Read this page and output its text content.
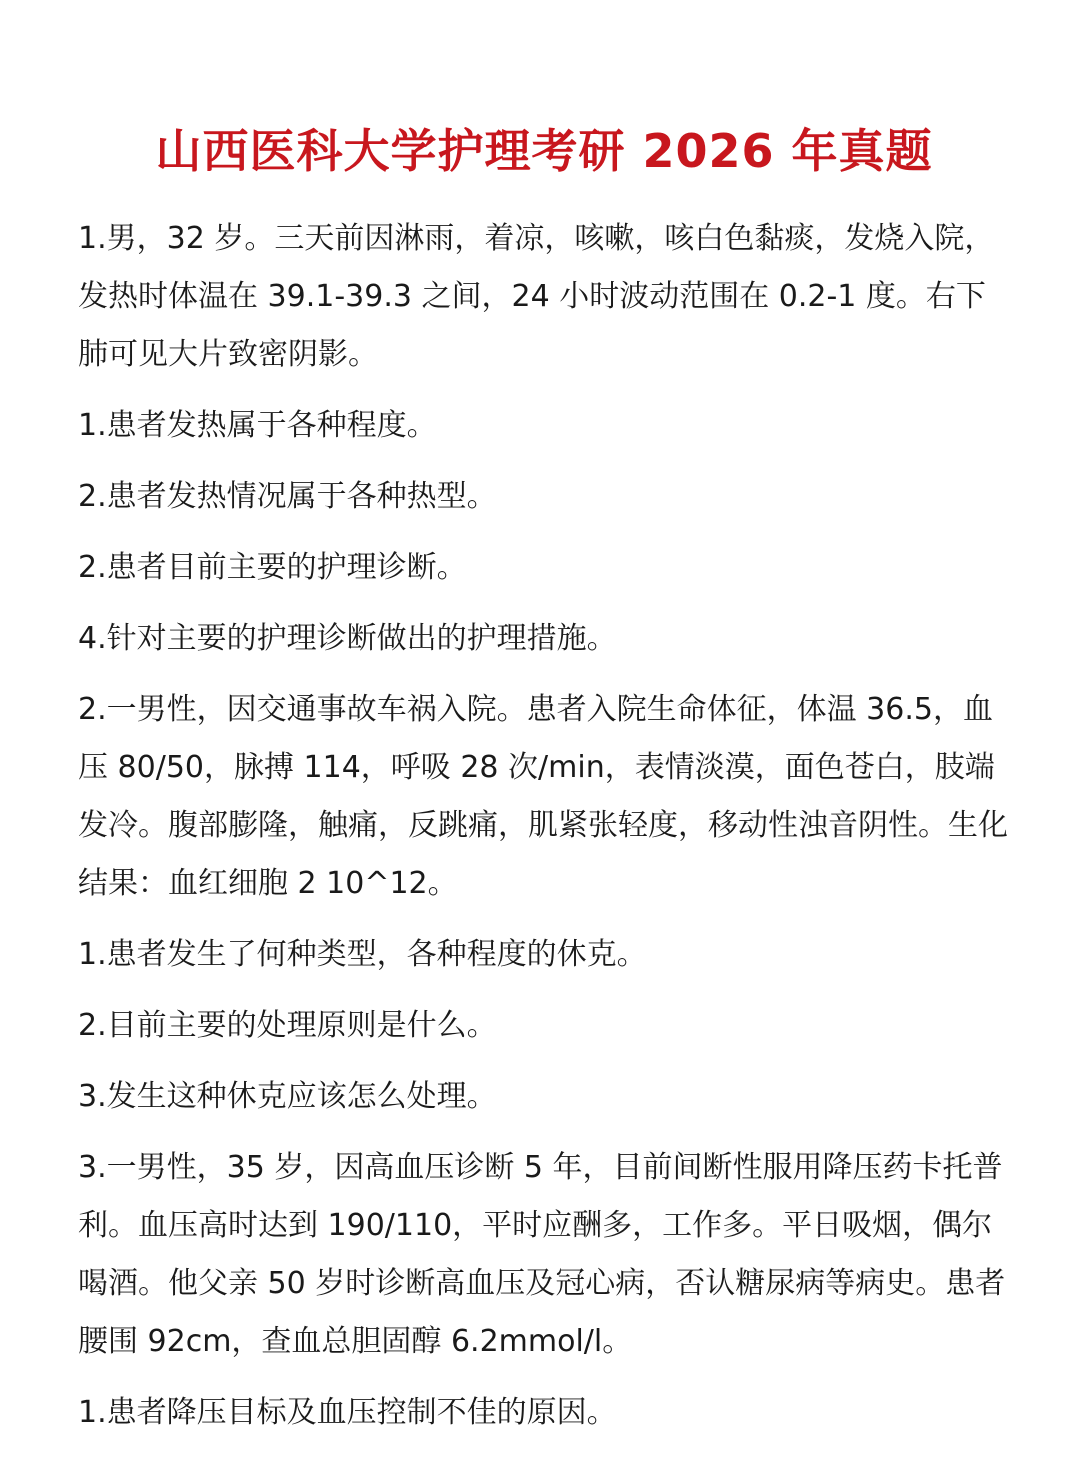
山西医科大学护理考研 2026 年真题

1.男，32 岁。三天前因淋雨，着凉，咳嗽，咳白色黏痰，发烧入院，发热时体温在 39.1-39.3 之间，24 小时波动范围在 0.2-1 度。右下肺可见大片致密阴影。

1.患者发热属于各种程度。

2.患者发热情况属于各种热型。

2.患者目前主要的护理诊断。

4.针对主要的护理诊断做出的护理措施。

2.一男性，因交通事故车祸入院。患者入院生命体征，体温 36.5，血压 80/50，脉搏 114，呼吸 28 次/min，表情淡漠，面色苍白，肢端发冷。腹部膨隆，触痛，反跳痛，肌紧张轻度，移动性浊音阴性。生化结果：血红细胞 2 10^12。

1.患者发生了何种类型，各种程度的休克。

2.目前主要的处理原则是什么。

3.发生这种休克应该怎么处理。

3.一男性，35 岁，因高血压诊断 5 年，目前间断性服用降压药卡托普利。血压高时达到 190/110，平时应酬多，工作多。平日吸烟，偶尔喝酒。他父亲 50 岁时诊断高血压及冠心病，否认糖尿病等病史。患者腰围 92cm，查血总胆固醇 6.2mmol/l。

1.患者降压目标及血压控制不佳的原因。
